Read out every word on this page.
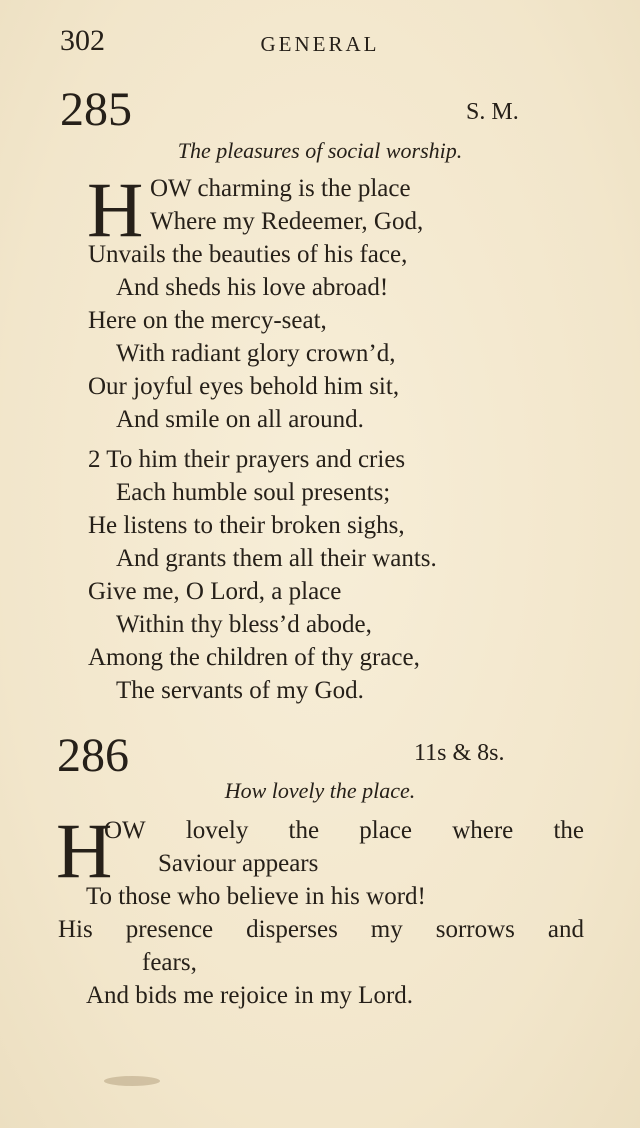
302	GENERAL
285	S. M.
The pleasures of social worship.
H OW charming is the place
Where my Redeemer, God,
Unvails the beauties of his face,
And sheds his love abroad!
Here on the mercy-seat,
With radiant glory crown’d,
Our joyful eyes behold him sit,
And smile on all around.
2 To him their prayers and cries
Each humble soul presents;
He listens to their broken sighs,
And grants them all their wants.
Give me, O Lord, a place
Within thy bless’d abode,
Among the children of thy grace,
The servants of my God.
286	11s & 8s.
How lovely the place.
H
OW lovely the place where the
Saviour appears
To those who believe in his word!
His presence disperses my sorrows and
fears,
And bids me rejoice in my Lord.
